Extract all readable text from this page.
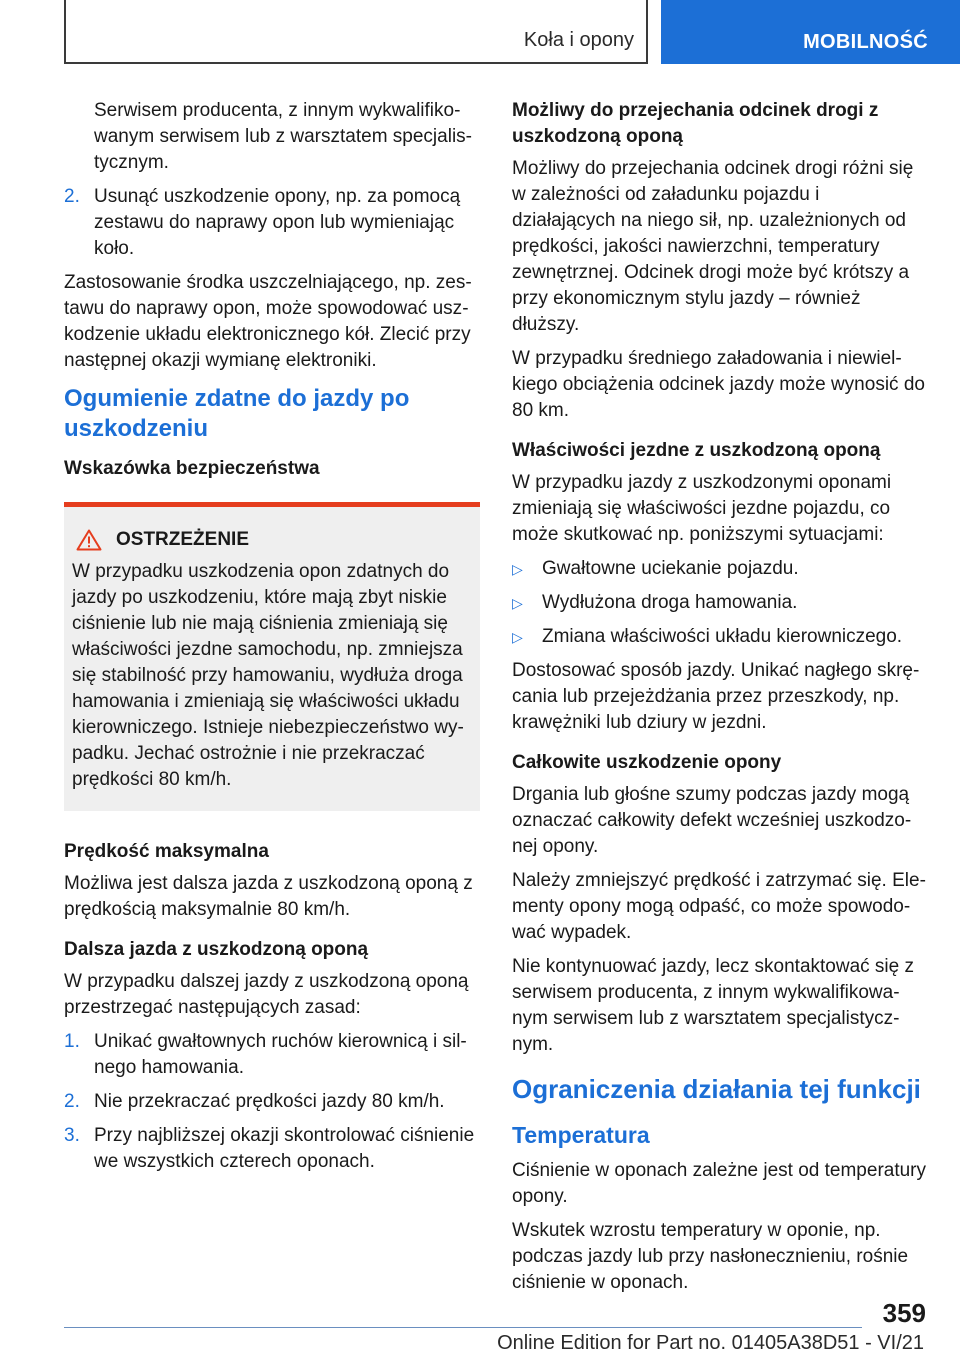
Koła i opony	MOBILNOŚĆ
Serwisem producenta, z innym wykwalifikowanym serwisem lub z warsztatem specjalistycznym.
2. Usunąć uszkodzenie opony, np. za pomocą zestawu do naprawy opon lub wymieniając koło.

Zastosowanie środka uszczelniającego, np. zestawu do naprawy opon, może spowodować uszkodzenie układu elektronicznego kół. Zlecić przy następnej okazji wymianę elektroniki.

Ogumienie zdatne do jazdy po uszkodzeniu
Wskazówka bezpieczeństwa
OSTRZEŻENIE
W przypadku uszkodzenia opon zdatnych do jazdy po uszkodzeniu, które mają zbyt niskie ciśnienie lub nie mają ciśnienia zmieniają się właściwości jezdne samochodu, np. zmniejsza się stabilność przy hamowaniu, wydłuża droga hamowania i zmieniają się właściwości układu kierowniczego. Istnieje niebezpieczeństwo wypadku. Jechać ostrożnie i nie przekraczać prędkości 80 km/h.
Prędkość maksymalna

Możliwa jest dalsza jazda z uszkodzoną oponą z prędkością maksymalnie 80 km/h.

Dalsza jazda z uszkodzoną oponą

W przypadku dalszej jazdy z uszkodzoną oponą przestrzegać następujących zasad:

1. Unikać gwałtownych ruchów kierownicą i silnego hamowania.
2. Nie przekraczać prędkości jazdy 80 km/h.
3. Przy najbliższej okazji skontrolować ciśnienie we wszystkich czterech oponach.
Możliwy do przejechania odcinek drogi z uszkodzoną oponą

Możliwy do przejechania odcinek drogi różni się w zależności od załadunku pojazdu i działających na niego sił, np. uzależnionych od prędkości, jakości nawierzchni, temperatury zewnętrznej. Odcinek drogi może być krótszy a przy ekonomicznym stylu jazdy – również dłuższy.

W przypadku średniego załadowania i niewielkiego obciążenia odcinek jazdy może wynosić do 80 km.

Właściwości jezdne z uszkodzoną oponą

W przypadku jazdy z uszkodzonymi oponami zmieniają się właściwości jezdne pojazdu, co może skutkować np. poniższymi sytuacjami:

▷	Gwałtowne uciekanie pojazdu.
▷	Wydłużona droga hamowania.
▷	Zmiana właściwości układu kierowniczego.

Dostosować sposób jazdy. Unikać nagłego skręcania lub przejeżdżania przez przeszkody, np. krawężniki lub dziury w jezdni.

Całkowite uszkodzenie opony

Drgania lub głośne szumy podczas jazdy mogą oznaczać całkowity defekt wcześniej uszkodzonej opony.

Należy zmniejszyć prędkość i zatrzymać się. Elementy opony mogą odpaść, co może spowodować wypadek.

Nie kontynuować jazdy, lecz skontaktować się z serwisem producenta, z innym wykwalifikowanym serwisem lub z warsztatem specjalistycznym.

Ograniczenia działania tej funkcji
Temperatura

Ciśnienie w oponach zależne jest od temperatury opony.

Wskutek wzrostu temperatury w oponie, np. podczas jazdy lub przy nasłonecznieniu, rośnie ciśnienie w oponach.

359
Online Edition for Part no. 01405A38D51 - VI/21
